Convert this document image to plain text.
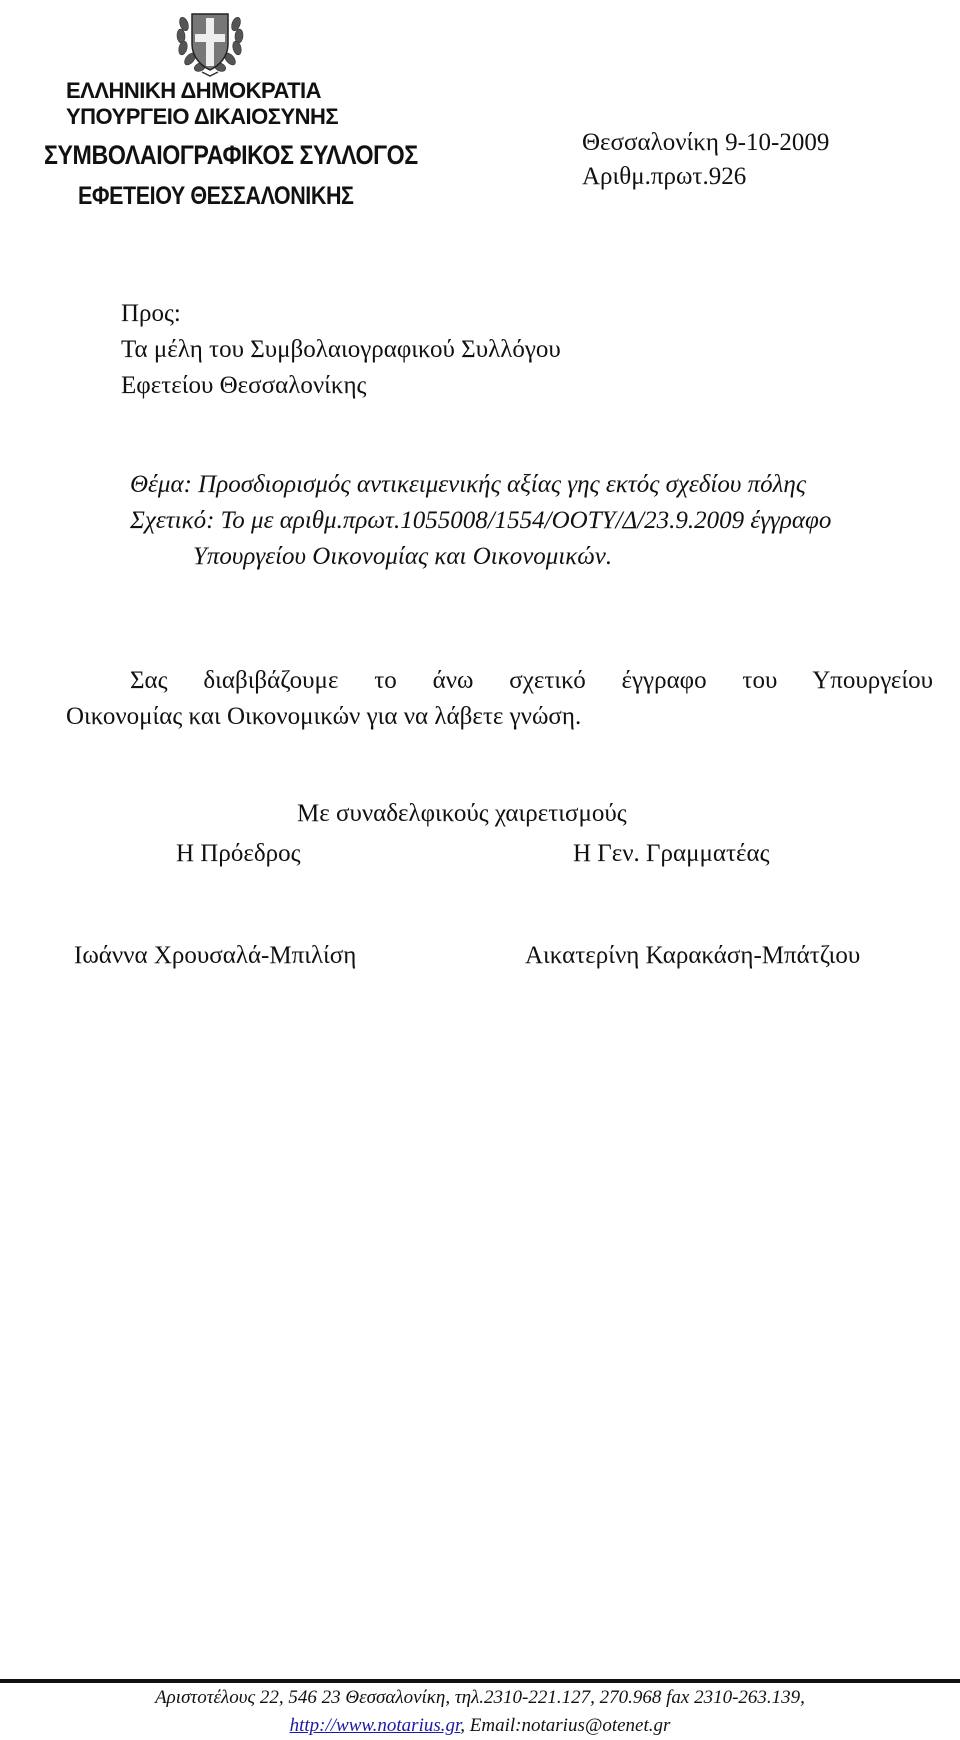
ΕΛΛΗΝΙΚΗ ΔΗΜΟΚΡΑΤΙΑ
ΥΠΟΥΡΓΕΙΟ ΔΙΚΑΙΟΣΥΝΗΣ
ΣΥΜΒΟΛΑΙΟΓΡΑΦΙΚΟΣ ΣΥΛΛΟΓΟΣ
ΕΦΕΤΕΙΟΥ ΘΕΣΣΑΛΟΝΙΚΗΣ
Θεσσαλονίκη 9-10-2009
Αριθμ.πρωτ.926
Προς:
Τα μέλη του Συμβολαιογραφικού Συλλόγου
Εφετείου Θεσσαλονίκης
Θέμα: Προσδιορισμός αντικειμενικής αξίας γης εκτός σχεδίου πόλης
Σχετικό: Το με αριθμ.πρωτ.1055008/1554/ΟΟΤΥ/Δ/23.9.2009 έγγραφο
Υπουργείου Οικονομίας και Οικονομικών.
Σας διαβιβάζουμε το άνω σχετικό έγγραφο του Υπουργείου
Οικονομίας και Οικονομικών για να λάβετε γνώση.
Με συναδελφικούς χαιρετισμούς
Η Πρόεδρος	Η Γεν. Γραμματέας
Ιωάννα Χρουσαλά-Μπιλίση	Αικατερίνη Καρακάση-Μπάτζιου
Αριστοτέλους 22, 546 23 Θεσσαλονίκη, τηλ.2310-221.127, 270.968 fax 2310-263.139,
http://www.notarius.gr, Email:notarius@otenet.gr
